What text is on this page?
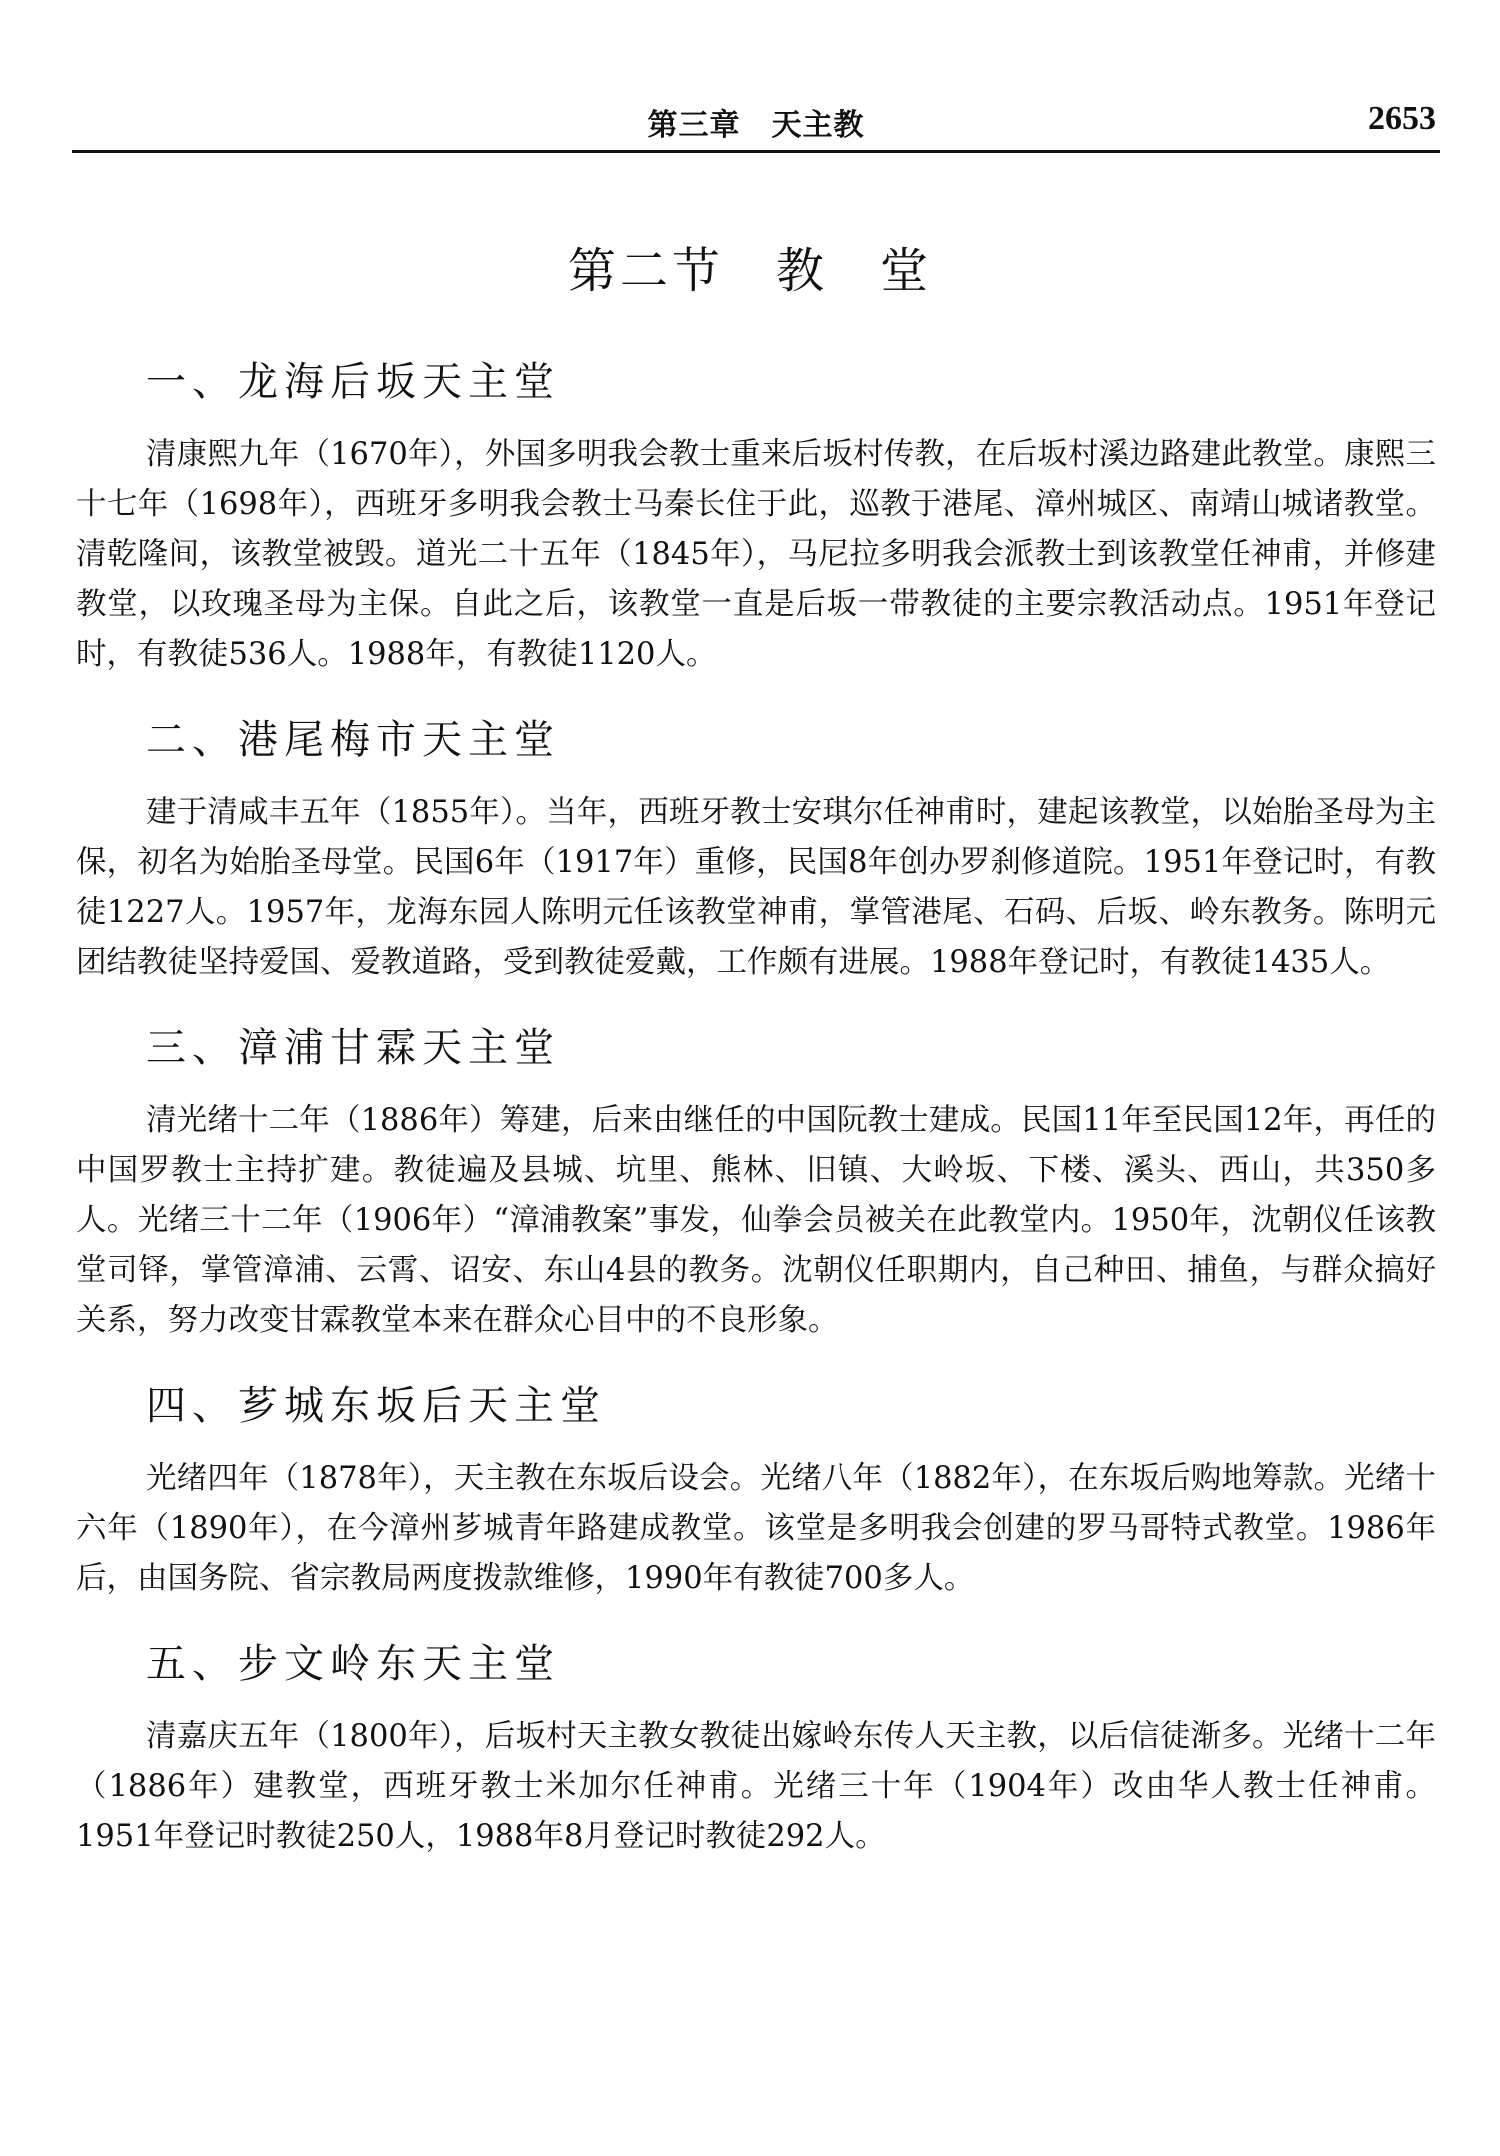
第三章　天主教	2653
第二节　教　堂
一、龙海后坂天主堂

清康熙九年（1670年），外国多明我会教士重来后坂村传教，在后坂村溪边路建此教堂。康熙三十七年（1698年），西班牙多明我会教士马秦长住于此，巡教于港尾、漳州城区、南靖山城诸教堂。清乾隆间，该教堂被毁。道光二十五年（1845年），马尼拉多明我会派教士到该教堂任神甫，并修建教堂，以玫瑰圣母为主保。自此之后，该教堂一直是后坂一带教徒的主要宗教活动点。1951年登记时，有教徒536人。1988年，有教徒1120人。

二、港尾梅市天主堂

建于清咸丰五年（1855年）。当年，西班牙教士安琪尔任神甫时，建起该教堂，以始胎圣母为主保，初名为始胎圣母堂。民国6年（1917年）重修，民国8年创办罗刹修道院。1951年登记时，有教徒1227人。1957年，龙海东园人陈明元任该教堂神甫，掌管港尾、石码、后坂、岭东教务。陈明元团结教徒坚持爱国、爱教道路，受到教徒爱戴，工作颇有进展。1988年登记时，有教徒1435人。

三、漳浦甘霖天主堂

清光绪十二年（1886年）筹建，后来由继任的中国阮教士建成。民国11年至民国12年，再任的中国罗教士主持扩建。教徒遍及县城、坑里、熊林、旧镇、大岭坂、下楼、溪头、西山，共350多人。光绪三十二年（1906年）“漳浦教案”事发，仙拳会员被关在此教堂内。1950年，沈朝仪任该教堂司铎，掌管漳浦、云霄、诏安、东山4县的教务。沈朝仪任职期内，自己种田、捕鱼，与群众搞好关系，努力改变甘霖教堂本来在群众心目中的不良形象。

四、芗城东坂后天主堂

光绪四年（1878年），天主教在东坂后设会。光绪八年（1882年），在东坂后购地筹款。光绪十六年（1890年），在今漳州芗城青年路建成教堂。该堂是多明我会创建的罗马哥特式教堂。1986年后，由国务院、省宗教局两度拨款维修，1990年有教徒700多人。

五、步文岭东天主堂

清嘉庆五年（1800年），后坂村天主教女教徒出嫁岭东传人天主教，以后信徒渐多。光绪十二年（1886年）建教堂，西班牙教士米加尔任神甫。光绪三十年（1904年）改由华人教士任神甫。1951年登记时教徒250人，1988年8月登记时教徒292人。
